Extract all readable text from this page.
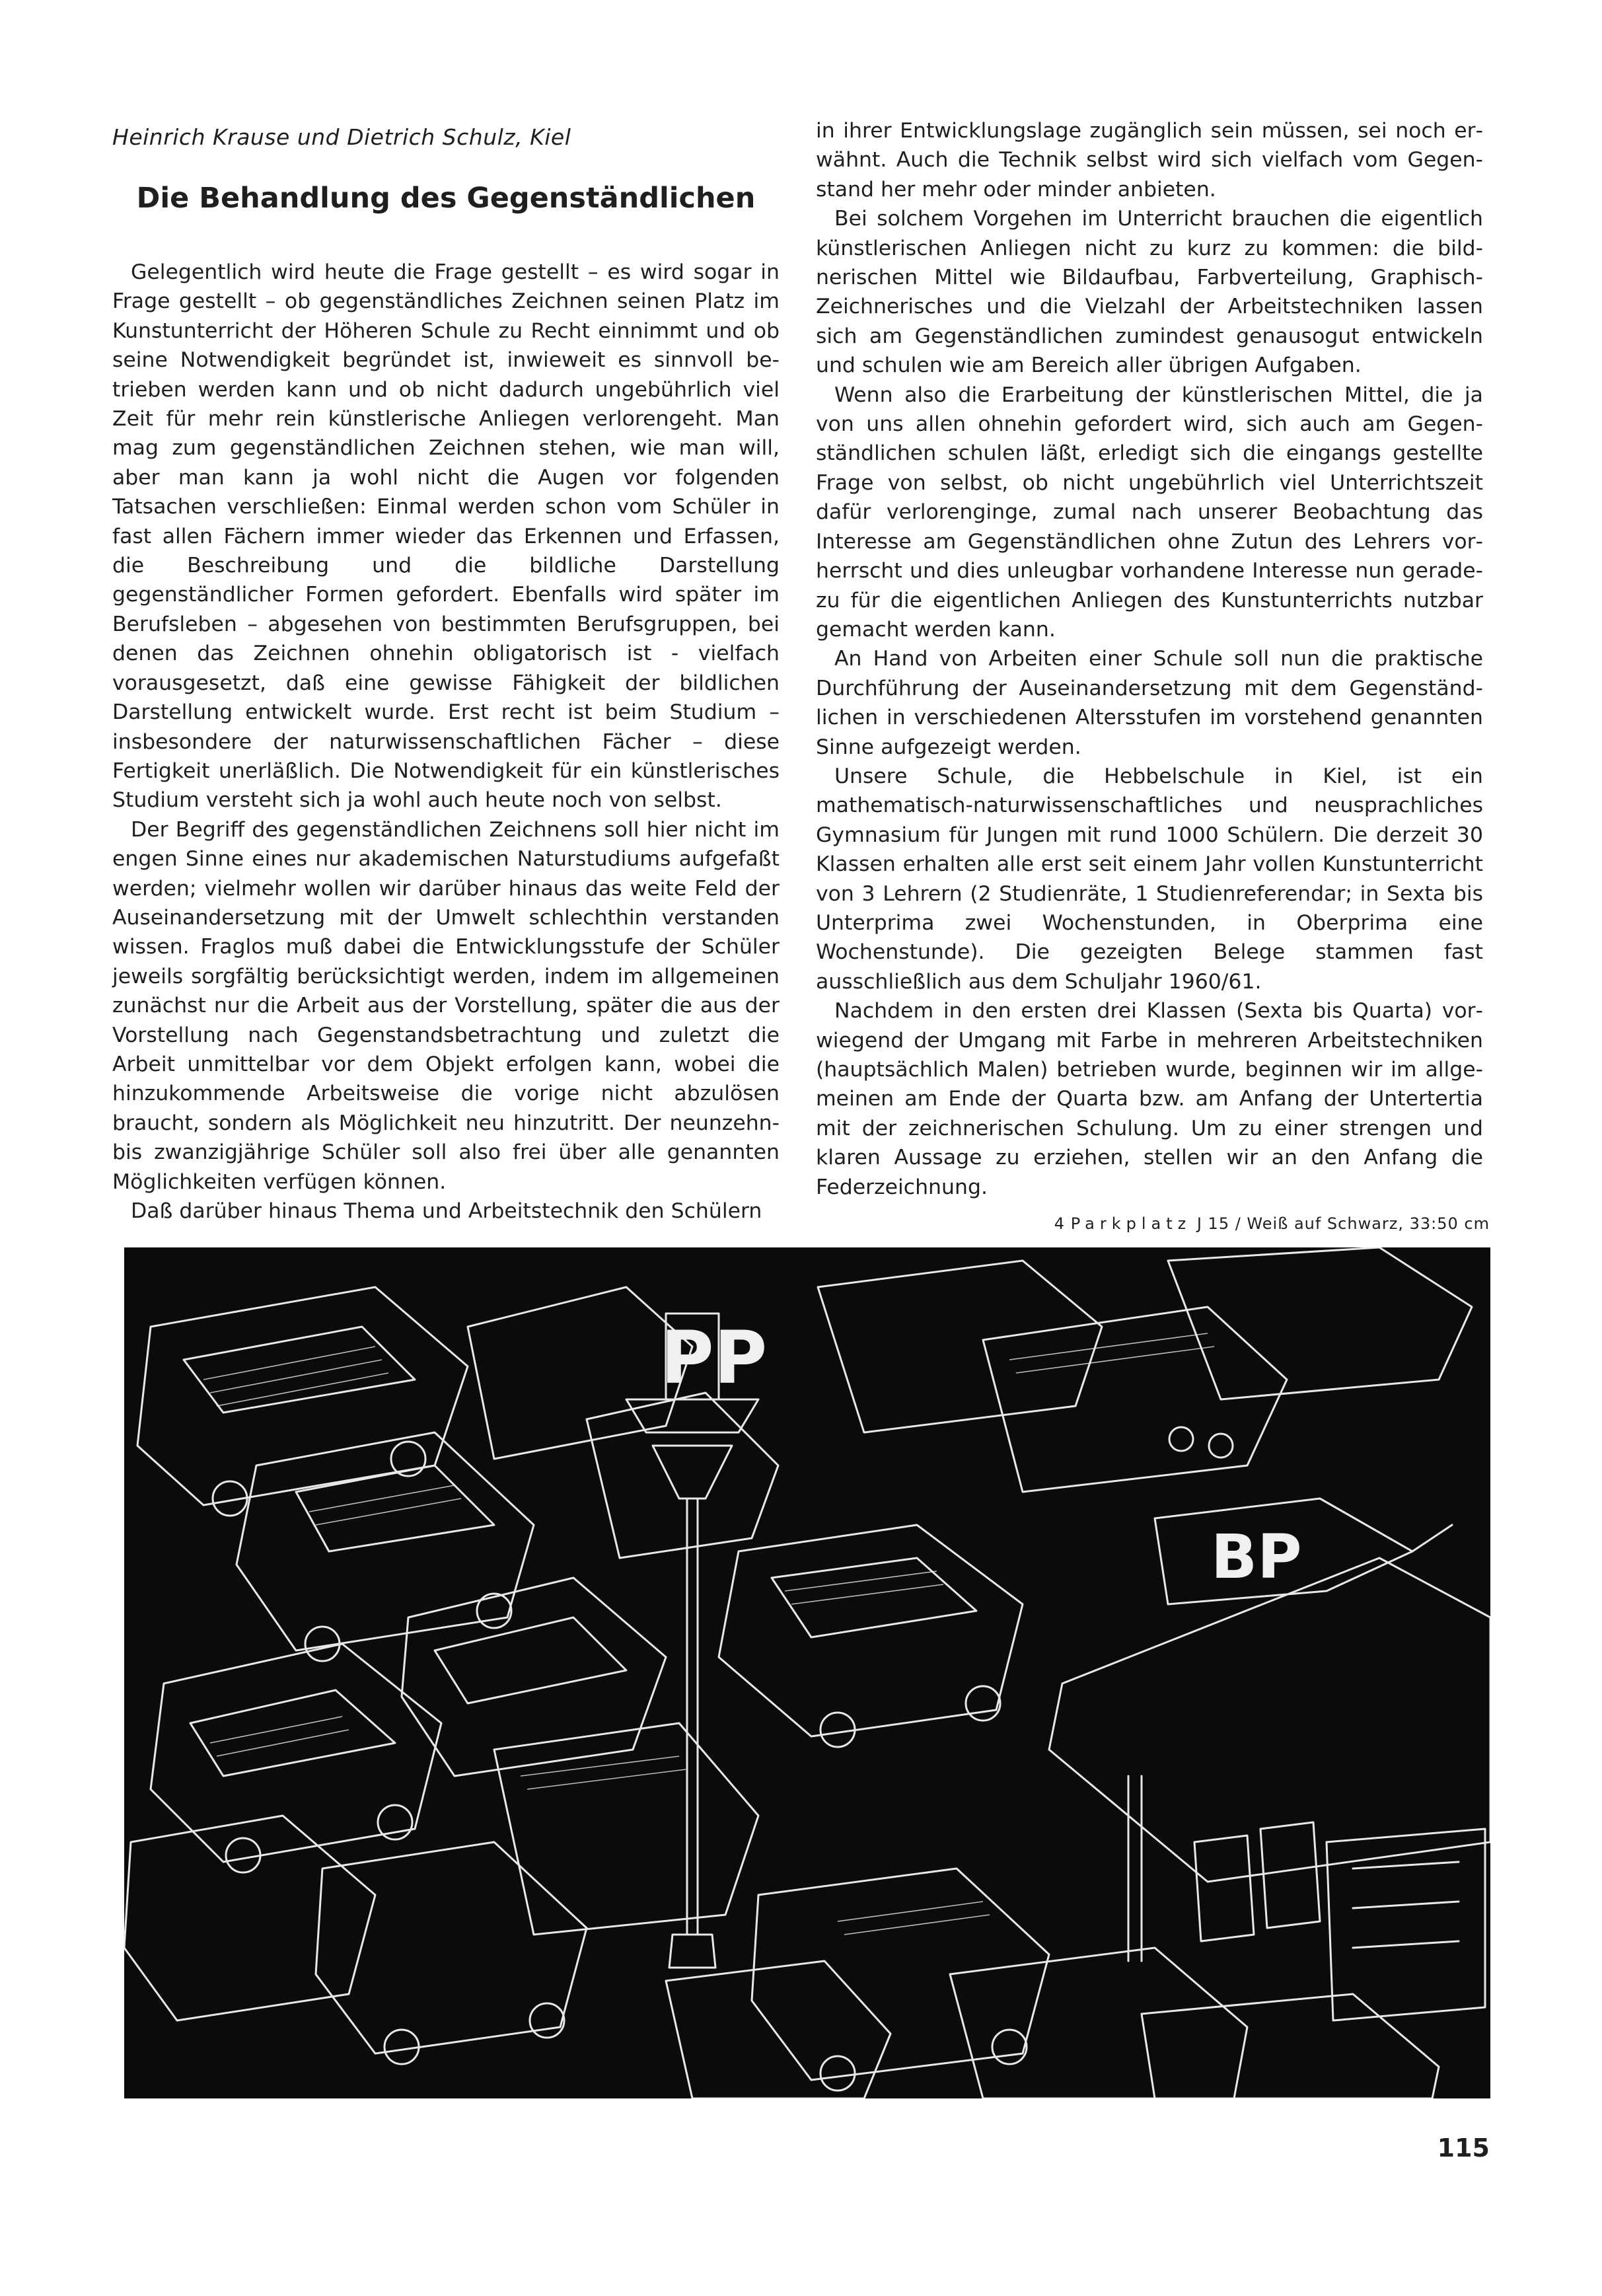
Heinrich Krause und Dietrich Schulz, Kiel
Die Behandlung des Gegenständlichen

Gelegentlich wird heute die Frage gestellt – es wird sogar in Frage gestellt – ob gegenständliches Zeichnen seinen Platz im Kunstunterricht der Höheren Schule zu Recht einnimmt und ob seine Notwendigkeit begründet ist, inwieweit es sinnvoll betrieben werden kann und ob nicht dadurch ungebührlich viel Zeit für mehr rein künstlerische Anliegen verlorengeht. Man mag zum gegenständlichen Zeichnen stehen, wie man will, aber man kann ja wohl nicht die Augen vor folgenden Tatsachen verschließen: Einmal werden schon vom Schüler in fast allen Fächern immer wieder das Erkennen und Erfassen, die Beschreibung und die bildliche Darstellung gegenständlicher Formen gefordert. Ebenfalls wird später im Berufsleben – abgesehen von bestimmten Berufsgruppen, bei denen das Zeichnen ohnehin obligatorisch ist - vielfach vorausgesetzt, daß eine gewisse Fähigkeit der bildlichen Darstellung entwickelt wurde. Erst recht ist beim Studium – insbesondere der naturwissenschaftlichen Fächer – diese Fertigkeit unerläßlich. Die Notwendigkeit für ein künstlerisches Studium versteht sich ja wohl auch heute noch von selbst.

Der Begriff des gegenständlichen Zeichnens soll hier nicht im engen Sinne eines nur akademischen Naturstudiums aufgefaßt werden; vielmehr wollen wir darüber hinaus das weite Feld der Auseinandersetzung mit der Umwelt schlechthin verstanden wissen. Fraglos muß dabei die Entwicklungsstufe der Schüler jeweils sorgfältig berücksichtigt werden, indem im allgemeinen zunächst nur die Arbeit aus der Vorstellung, später die aus der Vorstellung nach Gegenstandsbetrachtung und zuletzt die Arbeit unmittelbar vor dem Objekt erfolgen kann, wobei die hinzukommende Arbeitsweise die vorige nicht abzulösen braucht, sondern als Möglichkeit neu hinzutritt. Der neunzehn- bis zwanzigjährige Schüler soll also frei über alle genannten Möglichkeiten verfügen können.

Daß darüber hinaus Thema und Arbeitstechnik den Schülern

in ihrer Entwicklungslage zugänglich sein müssen, sei noch erwähnt. Auch die Technik selbst wird sich vielfach vom Gegenstand her mehr oder minder anbieten.

Bei solchem Vorgehen im Unterricht brauchen die eigentlich künstlerischen Anliegen nicht zu kurz zu kommen: die bildnerischen Mittel wie Bildaufbau, Farbverteilung, Graphisch-Zeichnerisches und die Vielzahl der Arbeitstechniken lassen sich am Gegenständlichen zumindest genausogut entwickeln und schulen wie am Bereich aller übrigen Aufgaben.

Wenn also die Erarbeitung der künstlerischen Mittel, die ja von uns allen ohnehin gefordert wird, sich auch am Gegenständlichen schulen läßt, erledigt sich die eingangs gestellte Frage von selbst, ob nicht ungebührlich viel Unterrichtszeit dafür verlorenginge, zumal nach unserer Beobachtung das Interesse am Gegenständlichen ohne Zutun des Lehrers vorherrscht und dies unleugbar vorhandene Interesse nun geradezu für die eigentlichen Anliegen des Kunstunterrichts nutzbar gemacht werden kann.

An Hand von Arbeiten einer Schule soll nun die praktische Durchführung der Auseinandersetzung mit dem Gegenständlichen in verschiedenen Altersstufen im vorstehend genannten Sinne aufgezeigt werden.

Unsere Schule, die Hebbelschule in Kiel, ist ein mathematisch-naturwissenschaftliches und neusprachliches Gymnasium für Jungen mit rund 1000 Schülern. Die derzeit 30 Klassen erhalten alle erst seit einem Jahr vollen Kunstunterricht von 3 Lehrern (2 Studienräte, 1 Studienreferendar; in Sexta bis Unterprima zwei Wochenstunden, in Oberprima eine Wochenstunde). Die gezeigten Belege stammen fast ausschließlich aus dem Schuljahr 1960/61.

Nachdem in den ersten drei Klassen (Sexta bis Quarta) vorwiegend der Umgang mit Farbe in mehreren Arbeitstechniken (hauptsächlich Malen) betrieben wurde, beginnen wir im allgemeinen am Ende der Quarta bzw. am Anfang der Untertertia mit der zeichnerischen Schulung. Um zu einer strengen und klaren Aussage zu erziehen, stellen wir an den Anfang die Federzeichnung.

4 Parkplatz J 15 / Weiß auf Schwarz, 33:50 cm
PP
BP
115
